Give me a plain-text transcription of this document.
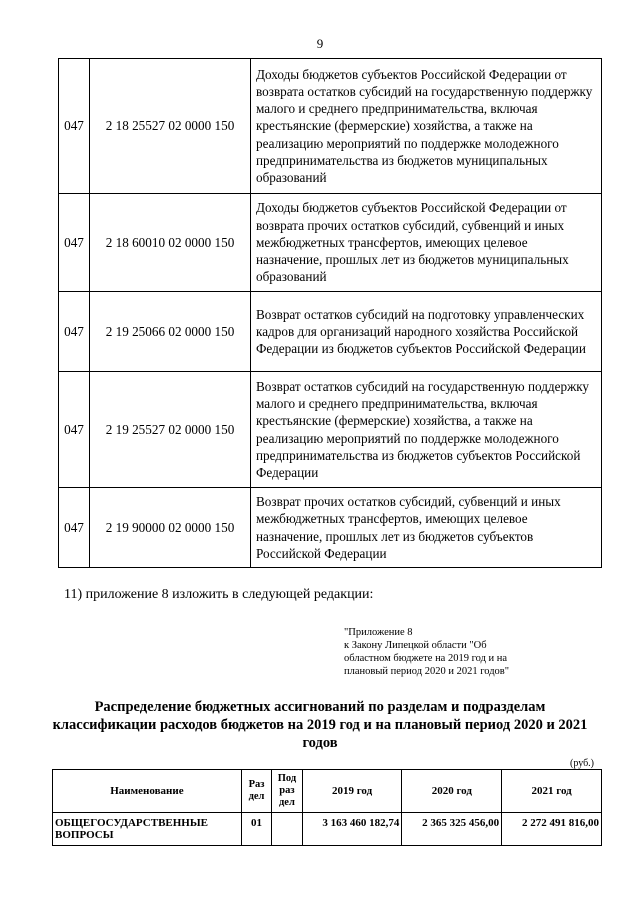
9
047	2 18 25527 02 0000 150	Доходы бюджетов субъектов Российской Федерации от возврата остатков субсидий на государственную поддержку малого и среднего предпринимательства, включая крестьянские (фермерские) хозяйства, а также на реализацию мероприятий по поддержке молодежного предпринимательства из бюджетов муниципальных образований
047	2 18 60010 02 0000 150	Доходы бюджетов субъектов Российской Федерации от возврата прочих остатков субсидий, субвенций и иных межбюджетных трансфертов, имеющих целевое назначение, прошлых лет из бюджетов муниципальных образований
047	2 19 25066 02 0000 150	Возврат остатков субсидий на подготовку управленческих кадров для организаций народного хозяйства Российской Федерации из бюджетов субъектов Российской Федерации
047	2 19 25527 02 0000 150	Возврат остатков субсидий на государственную поддержку малого и среднего предпринимательства, включая крестьянские (фермерские) хозяйства, а также на реализацию мероприятий по поддержке молодежного предпринимательства из бюджетов субъектов Российской Федерации
047	2 19 90000 02 0000 150	Возврат прочих остатков субсидий, субвенций и иных межбюджетных трансфертов, имеющих целевое назначение, прошлых лет из бюджетов субъектов Российской Федерации
11) приложение 8 изложить в следующей редакции:
"Приложение 8
к Закону Липецкой области "Об
областном бюджете на 2019 год и на
плановый период 2020 и 2021 годов"
Распределение бюджетных ассигнований по разделам и подразделам классификации расходов бюджетов на 2019 год и на плановый период 2020 и 2021 годов
(руб.)
Наименование	Раз дел	Под раз дел	2019 год	2020 год	2021 год
ОБЩЕГОСУДАРСТВЕННЫЕ ВОПРОСЫ	01		3 163 460 182,74	2 365 325 456,00	2 272 491 816,00
